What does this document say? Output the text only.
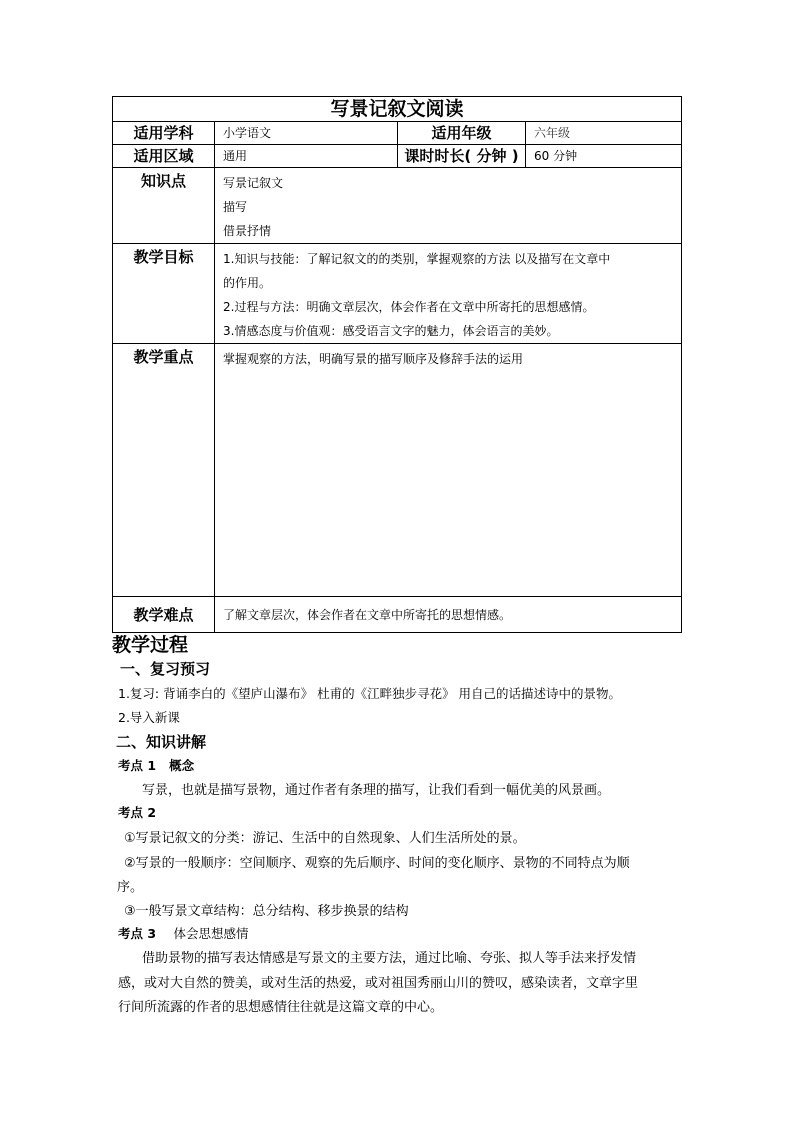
写景记叙文阅读			
适用学科	小学语文	适用年级	六年级
适用区域	通用	课时时长( 分钟 )	60 分钟
知识点	写景记叙文

描写

借景抒情		

教学目标	1.知识与技能：了解记叙文的的类别，掌握观察的方法 以及描写在文章中

的作用。

2.过程与方法：明确文章层次，体会作者在文章中所寄托的思想感情。

3.情感态度与价值观：感受语言文字的魅力，体会语言的美妙。		

教学重点	掌握观察的方法，明确写景的描写顺序及修辞手法的运用		

教学难点	了解文章层次，体会作者在文章中所寄托的思想情感。		
教学过程
一、复习预习
1.复习: 背诵李白的《望庐山瀑布》 杜甫的《江畔独步寻花》 用自己的话描述诗中的景物。
2.导入新课
二、知识讲解
考点 1 概念
写景，也就是描写景物，通过作者有条理的描写，让我们看到一幅优美的风景画。
考点 2
①写景记叙文的分类：游记、生活中的自然现象、人们生活所处的景。
②写景的一般顺序：空间顺序、观察的先后顺序、时间的变化顺序、景物的不同特点为顺
序。
③一般写景文章结构：总分结构、移步换景的结构
考点 3 体会思想感情
借助景物的描写表达情感是写景文的主要方法，通过比喻、夸张、拟人等手法来抒发情
感，或对大自然的赞美，或对生活的热爱，或对祖国秀丽山川的赞叹，感染读者，文章字里
行间所流露的作者的思想感情往往就是这篇文章的中心。
